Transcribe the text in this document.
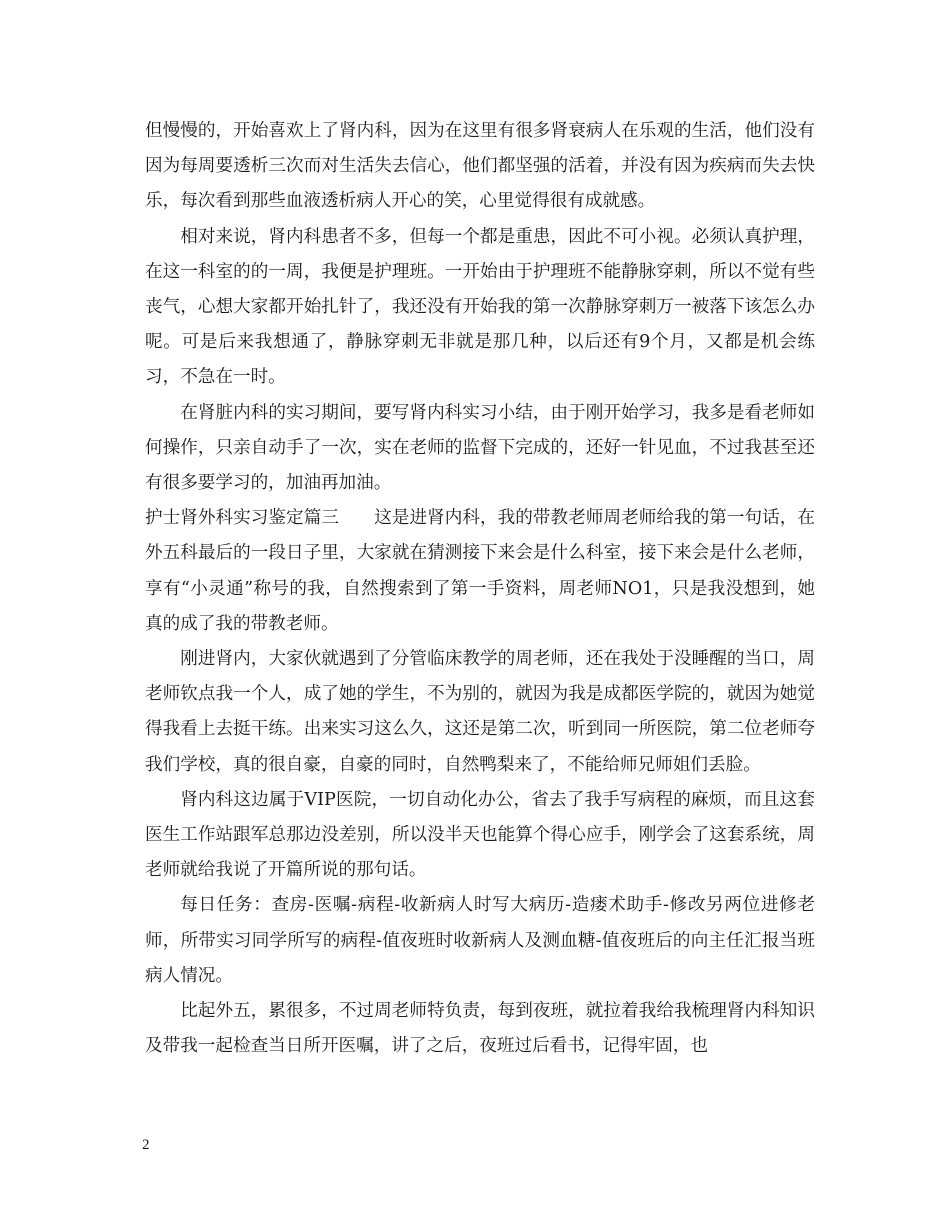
但慢慢的，开始喜欢上了肾内科，因为在这里有很多肾衰病人在乐观的生活，他们没有因为每周要透析三次而对生活失去信心，他们都坚强的活着，并没有因为疾病而失去快乐，每次看到那些血液透析病人开心的笑，心里觉得很有成就感。

相对来说，肾内科患者不多，但每一个都是重患，因此不可小视。必须认真护理，在这一科室的的一周，我便是护理班。一开始由于护理班不能静脉穿刺，所以不觉有些丧气，心想大家都开始扎针了，我还没有开始我的第一次静脉穿刺万一被落下该怎么办呢。可是后来我想通了，静脉穿刺无非就是那几种，以后还有9个月，又都是机会练习，不急在一时。

在肾脏内科的实习期间，要写肾内科实习小结，由于刚开始学习，我多是看老师如何操作，只亲自动手了一次，实在老师的监督下完成的，还好一针见血，不过我甚至还有很多要学习的，加油再加油。

护士肾外科实习鉴定篇三　　这是进肾内科，我的带教老师周老师给我的第一句话，在外五科最后的一段日子里，大家就在猜测接下来会是什么科室，接下来会是什么老师，享有“小灵通”称号的我，自然搜索到了第一手资料，周老师NO1，只是我没想到，她真的成了我的带教老师。

刚进肾内，大家伙就遇到了分管临床教学的周老师，还在我处于没睡醒的当口，周老师钦点我一个人，成了她的学生，不为别的，就因为我是成都医学院的，就因为她觉得我看上去挺干练。出来实习这么久，这还是第二次，听到同一所医院，第二位老师夸我们学校，真的很自豪，自豪的同时，自然鸭梨来了，不能给师兄师姐们丢脸。

肾内科这边属于VIP医院，一切自动化办公，省去了我手写病程的麻烦，而且这套医生工作站跟军总那边没差别，所以没半天也能算个得心应手，刚学会了这套系统，周老师就给我说了开篇所说的那句话。

每日任务：查房-医嘱-病程-收新病人时写大病历-造瘘术助手-修改另两位进修老师，所带实习同学所写的病程-值夜班时收新病人及测血糖-值夜班后的向主任汇报当班病人情况。

比起外五，累很多，不过周老师特负责，每到夜班，就拉着我给我梳理肾内科知识及带我一起检查当日所开医嘱，讲了之后，夜班过后看书，记得牢固，也

2
